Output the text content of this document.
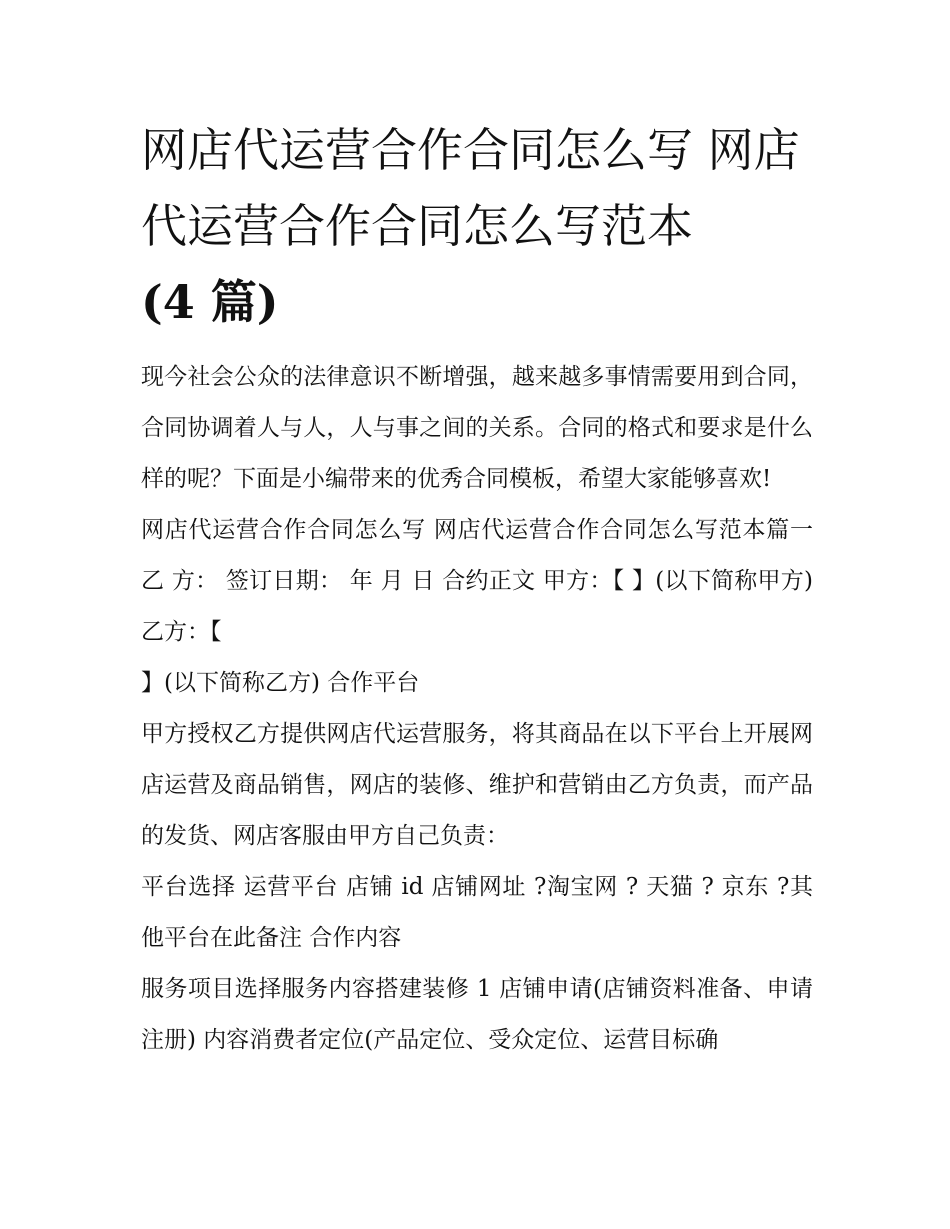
网店代运营合作合同怎么写 网店代运营合作合同怎么写范本
(4 篇)

现今社会公众的法律意识不断增强，越来越多事情需要用到合同，合同协调着人与人，人与事之间的关系。合同的格式和要求是什么样的呢？下面是小编带来的优秀合同模板，希望大家能够喜欢!

网店代运营合作合同怎么写 网店代运营合作合同怎么写范本篇一 乙 方： 签订日期： 年 月 日 合约正文 甲方：【 】(以下简称甲方) 乙方：【

】(以下简称乙方) 合作平台

甲方授权乙方提供网店代运营服务，将其商品在以下平台上开展网店运营及商品销售，网店的装修、维护和营销由乙方负责，而产品的发货、网店客服由甲方自己负责：

平台选择 运营平台 店铺 id 店铺网址 ?淘宝网 ? 天猫 ? 京东 ?其他平台在此备注 合作内容

服务项目选择服务内容搭建装修 1 店铺申请(店铺资料准备、申请注册) 内容消费者定位(产品定位、受众定位、运营目标确
